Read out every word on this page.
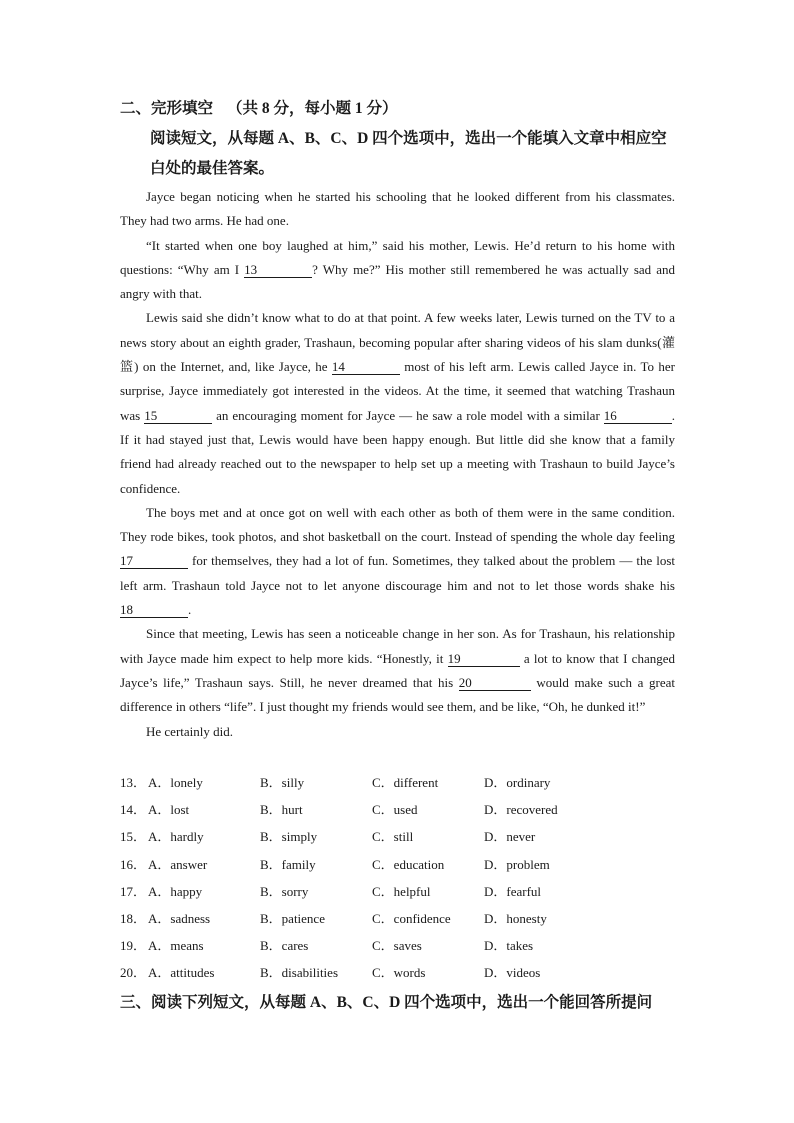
二、完形填空 （共 8 分，每小题 1 分）
阅读短文，从每题 A、B、C、D 四个选项中，选出一个能填入文章中相应空白处的最佳答案。

Jayce began noticing when he started his schooling that he looked different from his classmates. They had two arms. He had one.

“It started when one boy laughed at him,” said his mother, Lewis. He’d return to his home with questions: “Why am I 13	? Why me?” His mother still remembered he was actually sad and angry with that.

Lewis said she didn’t know what to do at that point. A few weeks later, Lewis turned on the TV to a news story about an eighth grader, Trashaun, becoming popular after sharing videos of his slam dunks(灌篮) on the Internet, and, like Jayce, he 14	most of his left arm. Lewis called Jayce in. To her surprise, Jayce immediately got interested in the videos. At the time, it seemed that watching Trashaun was 15	an encouraging moment for Jayce — he saw a role model with a similar 16	. If it had stayed just that, Lewis would have been happy enough. But little did she know that a family friend had already reached out to the newspaper to help set up a meeting with Trashaun to build Jayce’s confidence.

The boys met and at once got on well with each other as both of them were in the same condition. They rode bikes, took photos, and shot basketball on the court. Instead of spending the whole day feeling 17	for themselves, they had a lot of fun. Sometimes, they talked about the problem — the lost left arm. Trashaun told Jayce not to let anyone discourage him and not to let those words shake his 18	.

Since that meeting, Lewis has seen a noticeable change in her son. As for Trashaun, his relationship with Jayce made him expect to help more kids. “Honestly, it 19	a lot to know that I changed Jayce’s life,” Trashaun says. Still, he never dreamed that his 20	would make such a great difference in others “life”. I just thought my friends would see them, and be like, “Oh, he dunked it!”

He certainly did.

13． A．lonely	B．silly	C．different	D．ordinary
14． A．lost	B．hurt	C．used	D．recovered
15． A．hardly	B．simply	C．still	D．never
16． A．answer	B．family	C．education	D．problem
17． A．happy	B．sorry	C．helpful	D．fearful
18． A．sadness	B．patience	C．confidence	D．honesty
19． A．means	B．cares	C．saves	D．takes
20． A．attitudes	B．disabilities	C．words	D．videos
三、阅读下列短文，从每题 A、B、C、D 四个选项中，选出一个能回答所提问
